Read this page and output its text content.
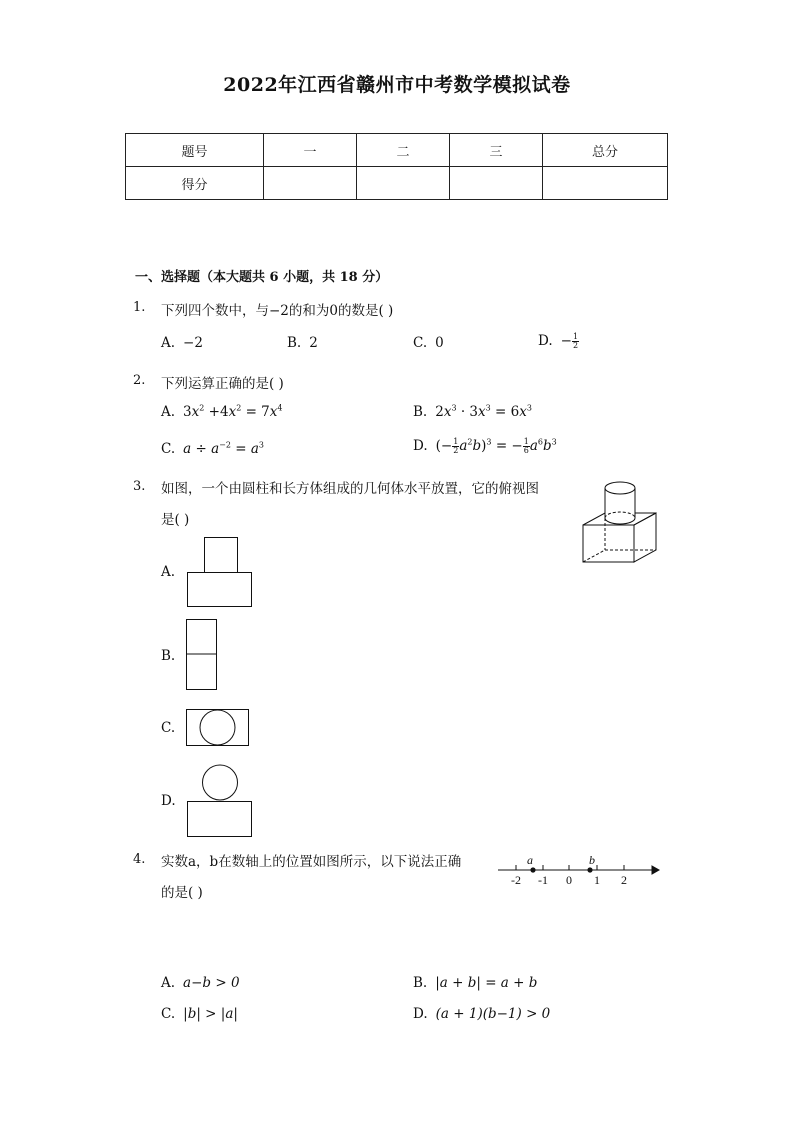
2022年江西省赣州市中考数学模拟试卷
题号	一	二	三	总分
得分				
一、选择题（本大题共 6 小题，共 18 分）
1. 下列四个数中，与−2的和为0的数是( )
A. −2	B. 2	C. 0	D. − $\frac{1}{2}$
2. 下列运算正确的是( )
A. $3x^2 +4x^2 = 7x^4$	B. $2x^3 \cdot 3x^3 = 6x^3$
C. $a \div a^{-2} = a^3$	D. (− $\frac{1}{2} a^2b)^3$ = − $\frac{1}{6} a^6b^3$
3. 如图，一个由圆柱和长方体组成的几何体水平放置，它的俯视图
是( )
A.
B.
C.
D.
4. 实数a，b在数轴上的位置如图所示，以下说法正确
的是( )
a	b
-2 -1 0 1 2
A. a−b > 0	B. |a + b| = a + b
C. |b| > |a|	D. (a + 1)(b−1) > 0
